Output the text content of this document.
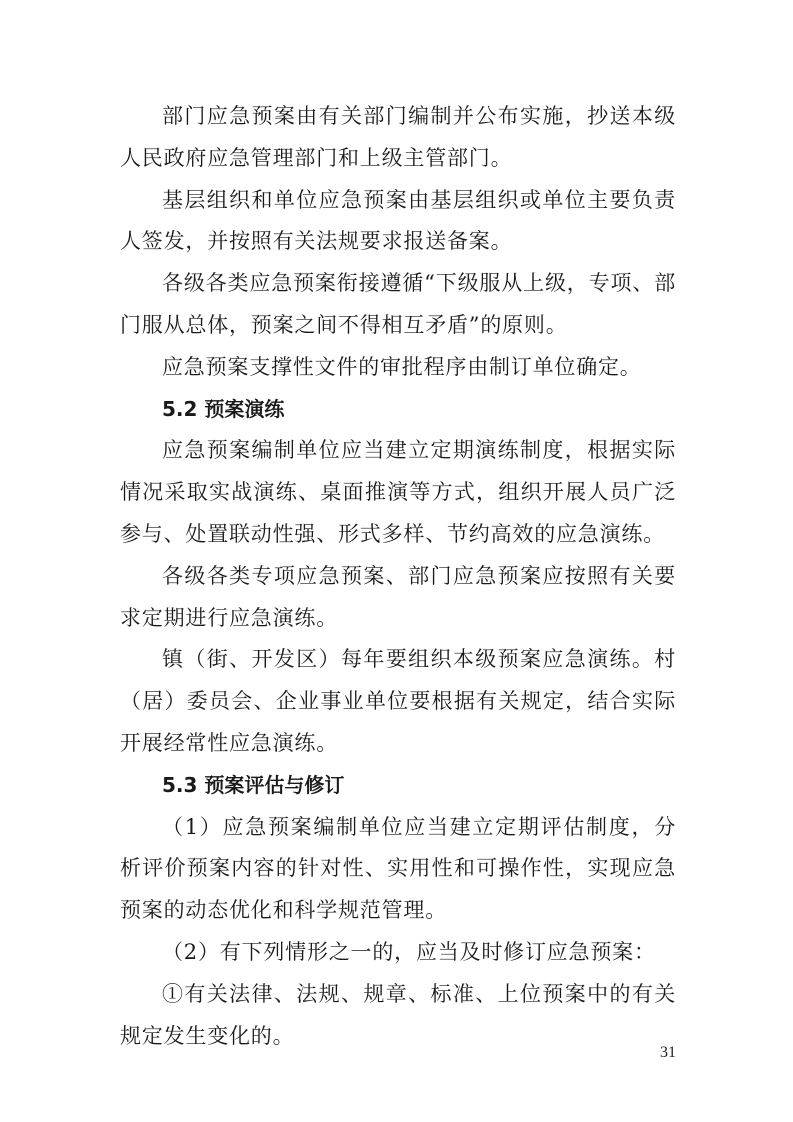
部门应急预案由有关部门编制并公布实施，抄送本级人民政府应急管理部门和上级主管部门。

基层组织和单位应急预案由基层组织或单位主要负责人签发，并按照有关法规要求报送备案。

各级各类应急预案衔接遵循“下级服从上级，专项、部门服从总体，预案之间不得相互矛盾”的原则。

应急预案支撑性文件的审批程序由制订单位确定。

5.2 预案演练

应急预案编制单位应当建立定期演练制度，根据实际情况采取实战演练、桌面推演等方式，组织开展人员广泛参与、处置联动性强、形式多样、节约高效的应急演练。

各级各类专项应急预案、部门应急预案应按照有关要求定期进行应急演练。

镇（街、开发区）每年要组织本级预案应急演练。村（居）委员会、企业事业单位要根据有关规定，结合实际开展经常性应急演练。

5.3 预案评估与修订

（1）应急预案编制单位应当建立定期评估制度，分析评价预案内容的针对性、实用性和可操作性，实现应急预案的动态优化和科学规范管理。

（2）有下列情形之一的，应当及时修订应急预案：

①有关法律、法规、规章、标准、上位预案中的有关规定发生变化的。

31
